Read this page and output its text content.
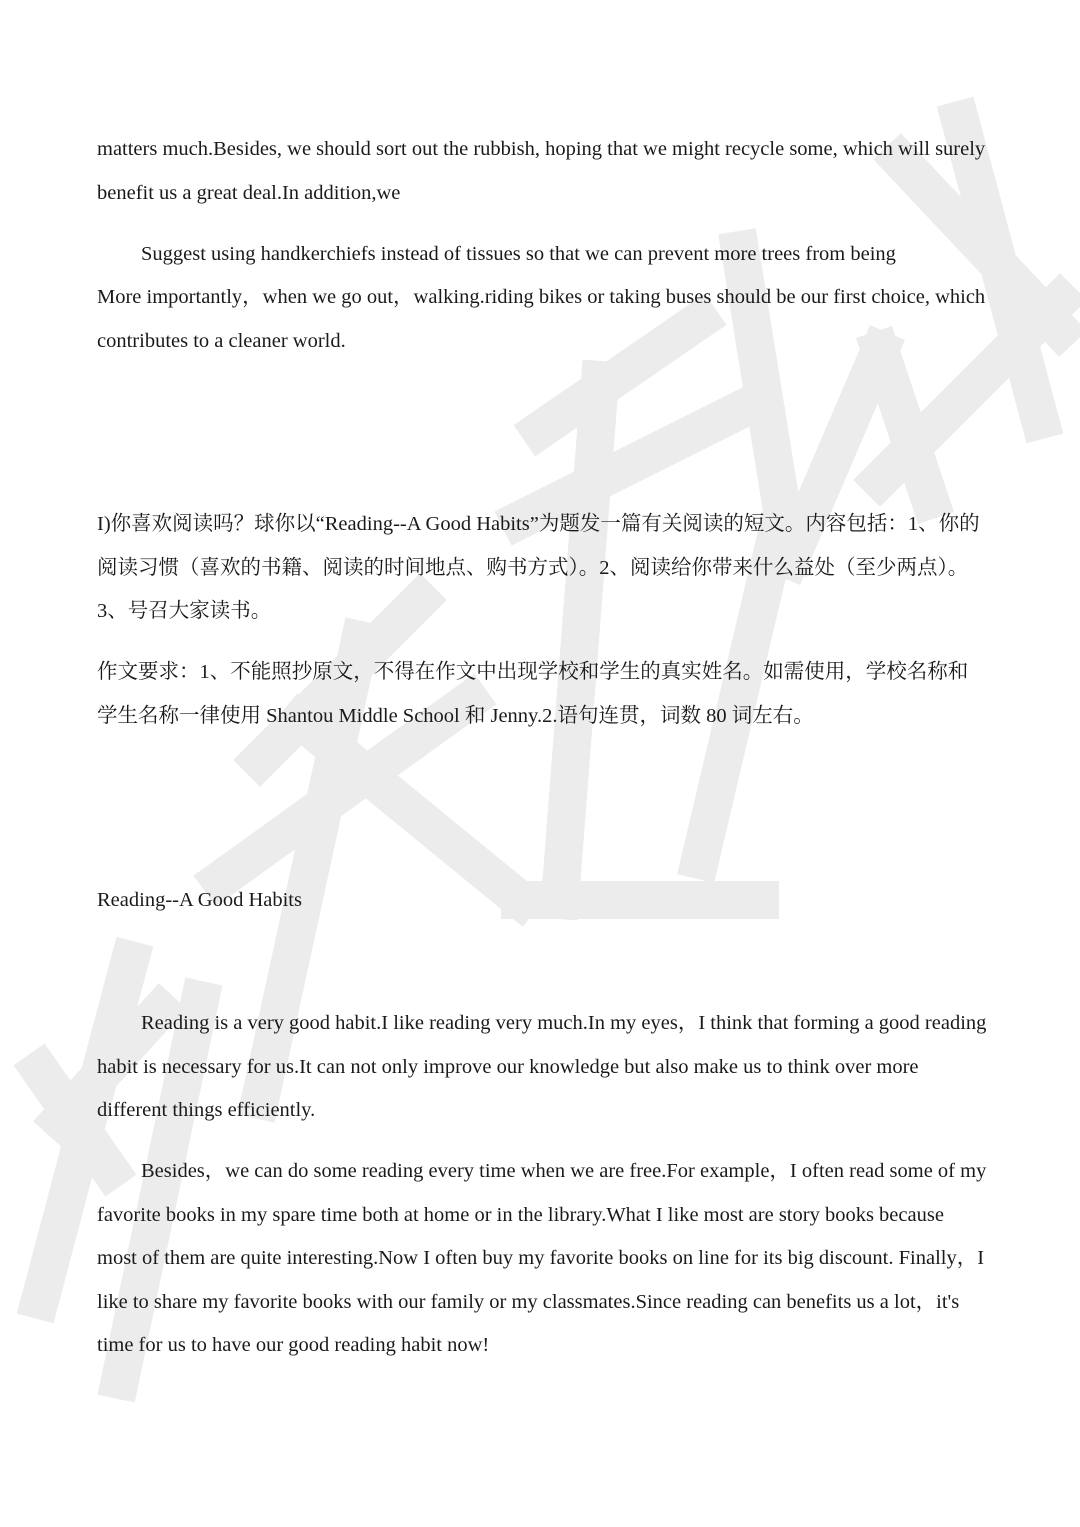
matters much.Besides, we should sort out the rubbish, hoping that we might recycle some, which will surely benefit us a great deal.In addition,we
Suggest using handkerchiefs instead of tissues so that we can prevent more trees from being
More importantly，when we go out，walking.riding bikes or taking buses should be our first choice, which contributes to a cleaner world.
I)你喜欢阅读吗？球你以“Reading--A Good Habits”为题发一篇有关阅读的短文。内容包括：1、你的阅读习惯（喜欢的书籍、阅读的时间地点、购书方式）。2、阅读给你带来什么益处（至少两点）。3、号召大家读书。
作文要求：1、不能照抄原文，不得在作文中出现学校和学生的真实姓名。如需使用，学校名称和学生名称一律使用 Shantou Middle School 和 Jenny.2.语句连贯，词数 80 词左右。
Reading--A Good Habits
Reading is a very good habit.I like reading very much.In my eyes，I think that forming a good reading habit is necessary for us.It can not only improve our knowledge but also make us to think over more different things efficiently.
Besides，we can do some reading every time when we are free.For example，I often read some of my favorite books in my spare time both at home or in the library.What I like most are story books because most of them are quite interesting.Now I often buy my favorite books on line for its big discount. Finally，I like to share my favorite books with our family or my classmates.Since reading can benefits us a lot，it's time for us to have our good reading habit now!
